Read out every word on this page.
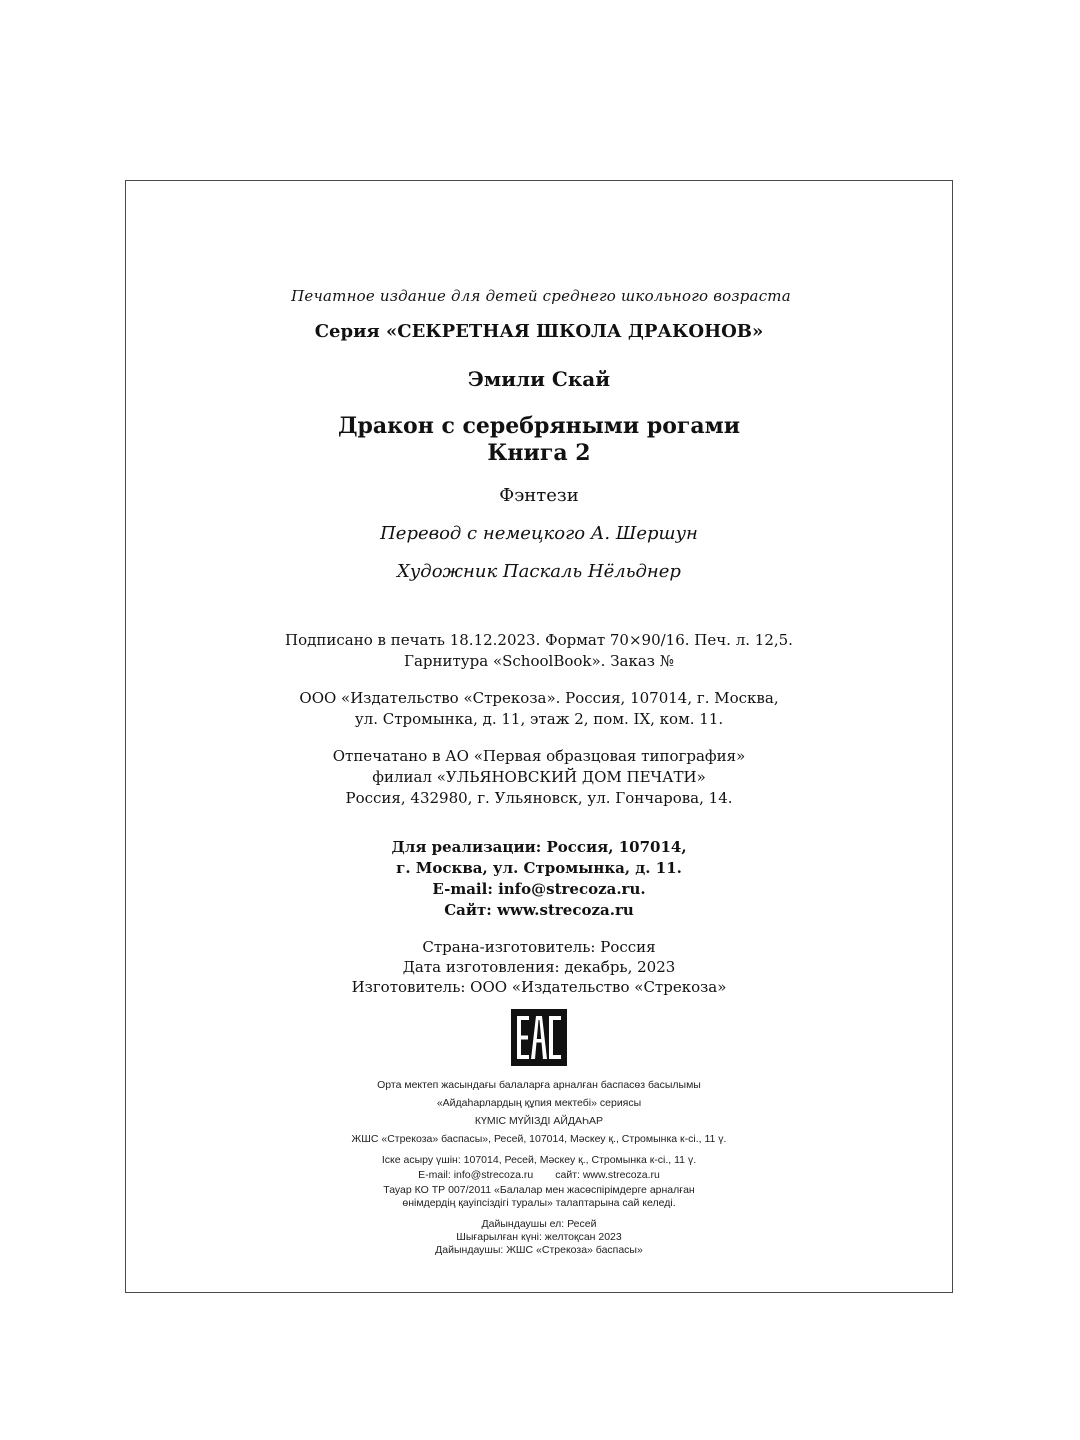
Печатное издание для детей среднего школьного возраста

Серия «СЕКРЕТНАЯ ШКОЛА ДРАКОНОВ»

Эмили Скай

Дракон с серебряными рогами
Книга 2

Фэнтези

Перевод с немецкого А. Шершун

Художник Паскаль Нёльднер

Подписано в печать 18.12.2023. Формат 70×90/16. Печ. л. 12,5.
Гарнитура «SchoolBook». Заказ №

ООО «Издательство «Стрекоза». Россия, 107014, г. Москва,
ул. Стромынка, д. 11, этаж 2, пом. IX, ком. 11.

Отпечатано в АО «Первая образцовая типография»
филиал «УЛЬЯНОВСКИЙ ДОМ ПЕЧАТИ»
Россия, 432980, г. Ульяновск, ул. Гончарова, 14.

Для реализации: Россия, 107014,
г. Москва, ул. Стромынка, д. 11.
E-mail: info@strecoza.ru.
Сайт: www.strecoza.ru

Страна-изготовитель: Россия
Дата изготовления: декабрь, 2023
Изготовитель: ООО «Издательство «Стрекоза»

Орта мектеп жасындағы балаларға арналған баспасөз басылымы

«Айдаһарлардың құпия мектебі» сериясы

КҮМІС МҮЙІЗДІ АЙДАҺАР

ЖШС «Стрекоза» баспасы», Ресей, 107014, Мәскеу қ., Стромынка к-сі., 11 ү.

Іске асыру үшін: 107014, Ресей, Мәскеу қ., Стромынка к-сі., 11 ү.

E-mail: info@strecoza.ru сайт: www.strecoza.ru

Тауар КО ТР 007/2011 «Балалар мен жасөспірімдерге арналған
өнімдердің қауіпсіздігі туралы» талаптарына сай келеді.

Дайындаушы ел: Ресей
Шығарылған күні: желтоқсан 2023
Дайындаушы: ЖШС «Стрекоза» баспасы»
